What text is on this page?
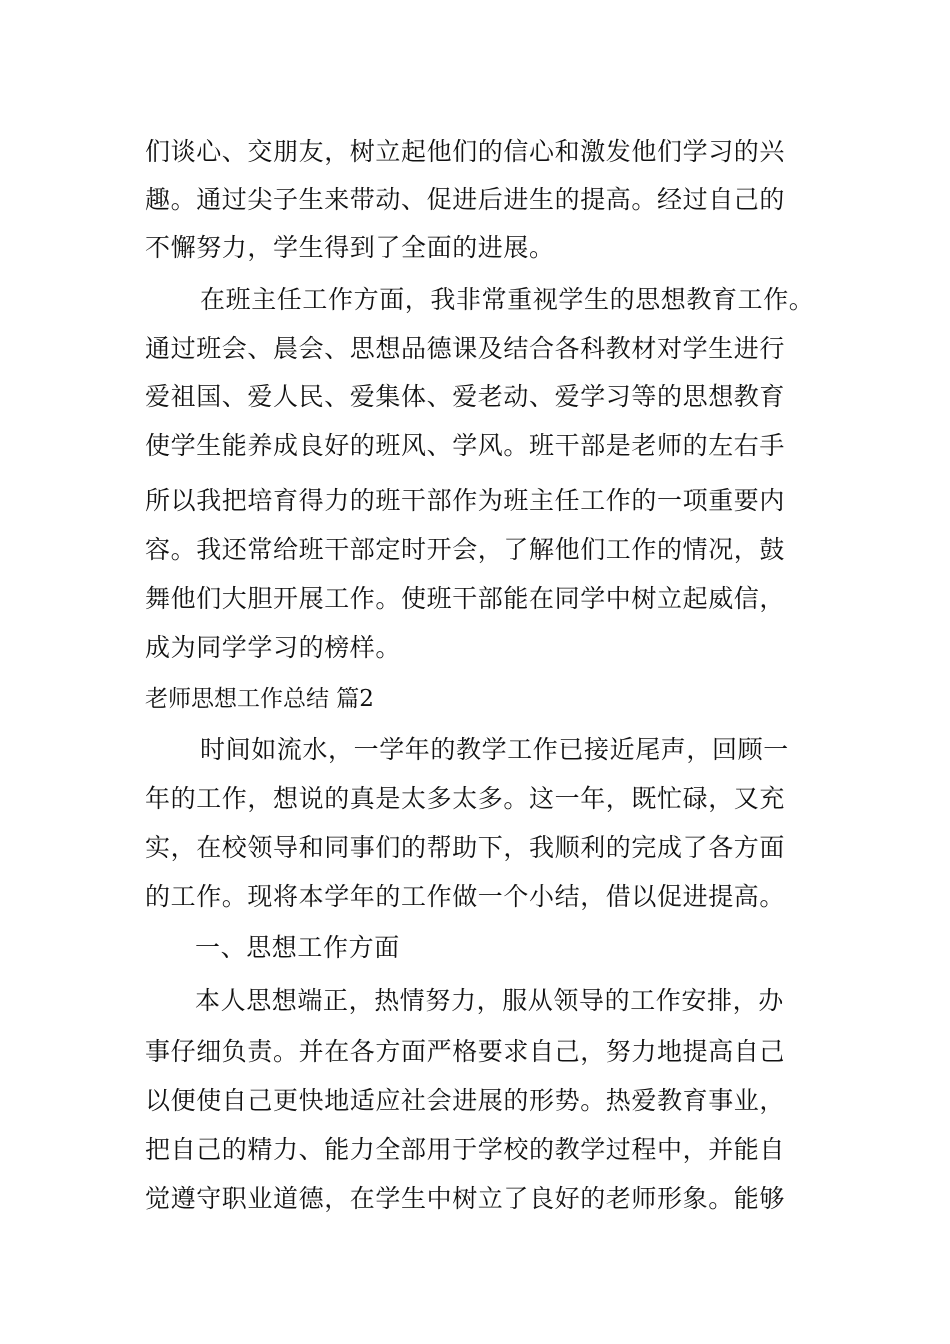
们谈心、交朋友，树立起他们的信心和激发他们学习的兴
趣。通过尖子生来带动、促进后进生的提高。经过自己的
不懈努力，学生得到了全面的进展。
在班主任工作方面，我非常重视学生的思想教育工作。
通过班会、晨会、思想品德课及结合各科教材对学生进行
爱祖国、爱人民、爱集体、爱老动、爱学习等的思想教育
使学生能养成良好的班风、学风。班干部是老师的左右手
所以我把培育得力的班干部作为班主任工作的一项重要内
容。我还常给班干部定时开会，了解他们工作的情况，鼓
舞他们大胆开展工作。使班干部能在同学中树立起威信，
成为同学学习的榜样。
老师思想工作总结 篇2
时间如流水，一学年的教学工作已接近尾声，回顾一
年的工作，想说的真是太多太多。这一年，既忙碌，又充
实，在校领导和同事们的帮助下，我顺利的完成了各方面
的工作。现将本学年的工作做一个小结，借以促进提高。
一、思想工作方面
本人思想端正，热情努力，服从领导的工作安排，办
事仔细负责。并在各方面严格要求自己，努力地提高自己
以便使自己更快地适应社会进展的形势。热爱教育事业，
把自己的精力、能力全部用于学校的教学过程中，并能自
觉遵守职业道德，在学生中树立了良好的老师形象。能够
